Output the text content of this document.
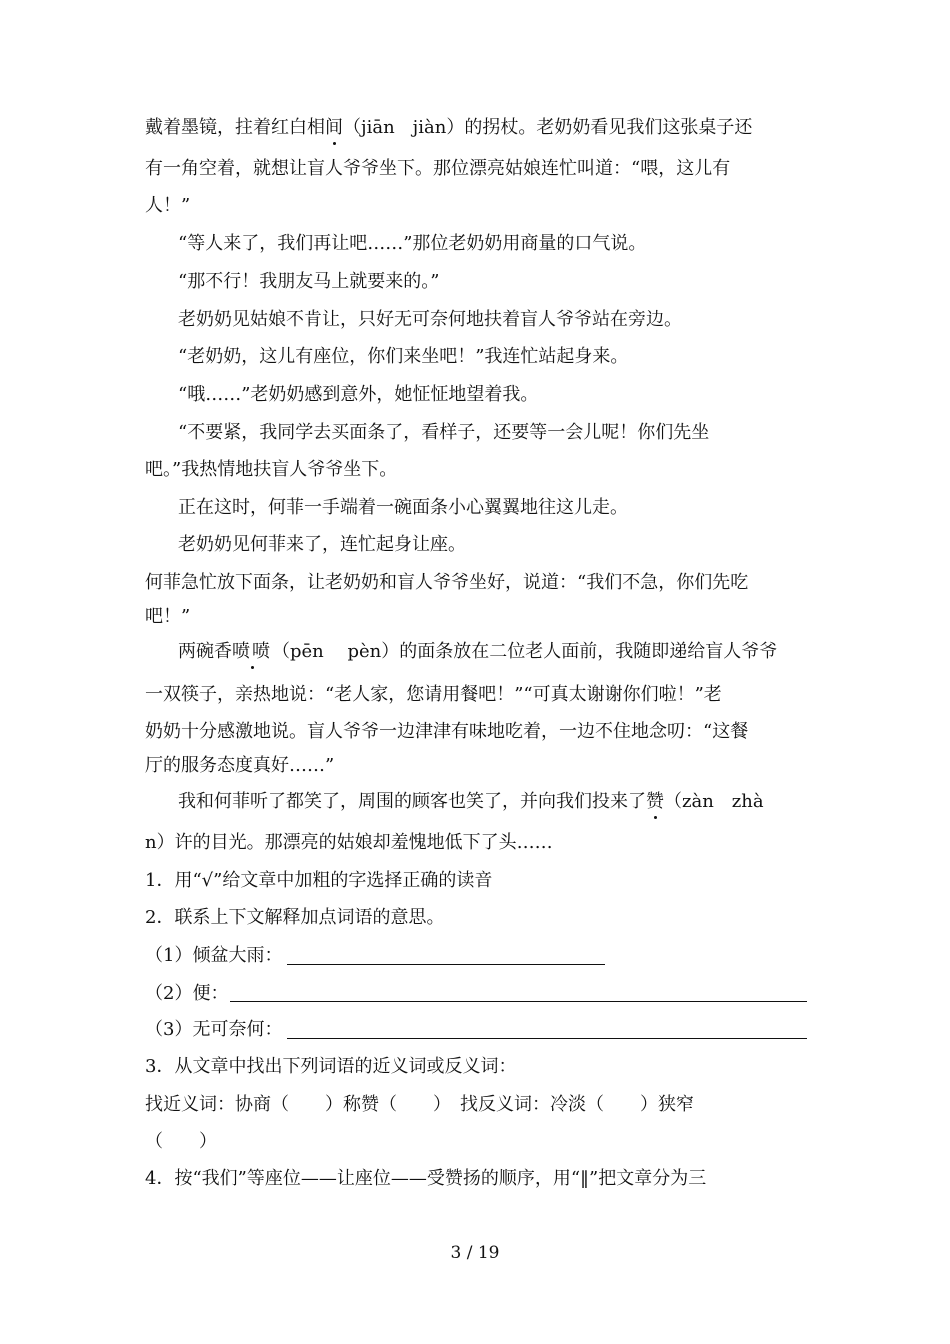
戴着墨镜，拄着红白相间（jiān　jiàn）的拐杖。老奶奶看见我们这张桌子还
有一角空着，就想让盲人爷爷坐下。那位漂亮姑娘连忙叫道：“喂，这儿有
人！”
“等人来了，我们再让吧……”那位老奶奶用商量的口气说。
“那不行！我朋友马上就要来的。”
老奶奶见姑娘不肯让，只好无可奈何地扶着盲人爷爷站在旁边。
“老奶奶，这儿有座位，你们来坐吧！”我连忙站起身来。
“哦……”老奶奶感到意外，她怔怔地望着我。
“不要紧，我同学去买面条了，看样子，还要等一会儿呢！你们先坐
吧。”我热情地扶盲人爷爷坐下。
正在这时，何菲一手端着一碗面条小心翼翼地往这儿走。
老奶奶见何菲来了，连忙起身让座。
何菲急忙放下面条，让老奶奶和盲人爷爷坐好，说道：“我们不急，你们先吃
吧！”
两碗香喷喷（pēn　 pèn）的面条放在二位老人面前，我随即递给盲人爷爷
一双筷子，亲热地说：“老人家，您请用餐吧！”“可真太谢谢你们啦！”老
奶奶十分感激地说。盲人爷爷一边津津有味地吃着，一边不住地念叨：“这餐
厅的服务态度真好……”
我和何菲听了都笑了，周围的顾客也笑了，并向我们投来了赞（zàn　zhà
n）许的目光。那漂亮的姑娘却羞愧地低下了头……
1．用“√”给文章中加粗的字选择正确的读音
2．联系上下文解释加点词语的意思。
（1）倾盆大雨：
（2）便：
（3）无可奈何：
3．从文章中找出下列词语的近义词或反义词：
找近义词：协商（　　）称赞（　　）　找反义词：冷淡（　　）狭窄
（　　）
4．按“我们”等座位——让座位——受赞扬的顺序，用“‖”把文章分为三
3 / 19
